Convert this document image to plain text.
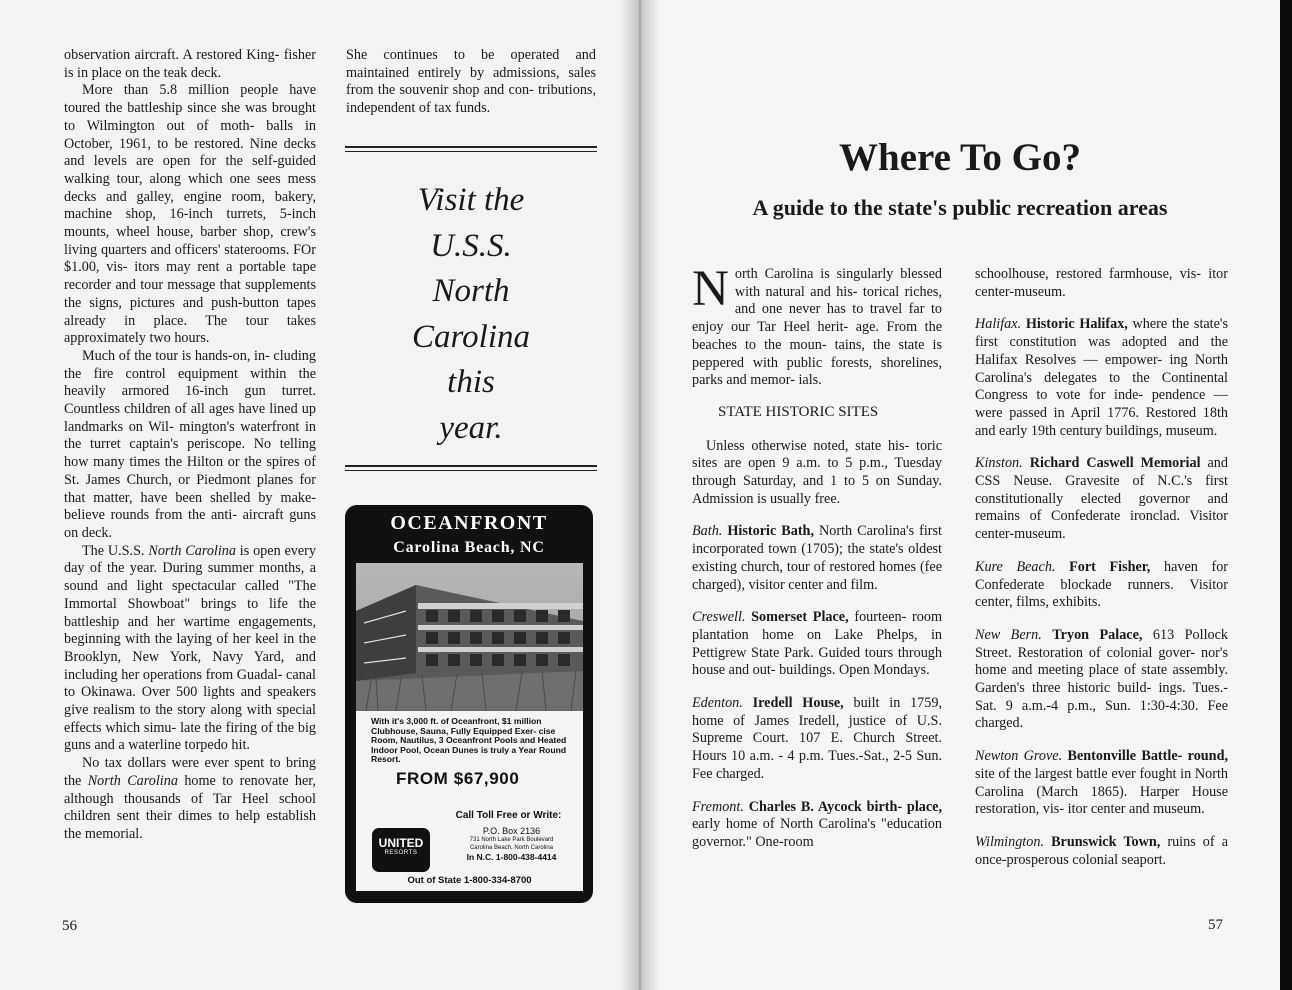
observation aircraft. A restored King- fisher is in place on the teak deck.

More than 5.8 million people have toured the battleship since she was brought to Wilmington out of moth- balls in October, 1961, to be restored. Nine decks and levels are open for the self-guided walking tour, along which one sees mess decks and galley, engine room, bakery, machine shop, 16-inch turrets, 5-inch mounts, wheel house, barber shop, crew's living quarters and officers' staterooms. FOr $1.00, vis- itors may rent a portable tape recorder and tour message that supplements the signs, pictures and push-button tapes already in place. The tour takes approximately two hours.

Much of the tour is hands-on, in- cluding the fire control equipment within the heavily armored 16-inch gun turret. Countless children of all ages have lined up landmarks on Wil- mington's waterfront in the turret captain's periscope. No telling how many times the Hilton or the spires of St. James Church, or Piedmont planes for that matter, have been shelled by make-believe rounds from the anti- aircraft guns on deck.

The U.S.S. North Carolina is open every day of the year. During summer months, a sound and light spectacular called "The Immortal Showboat" brings to life the battleship and her wartime engagements, beginning with the laying of her keel in the Brooklyn, New York, Navy Yard, and including her operations from Guadal- canal to Okinawa. Over 500 lights and speakers give realism to the story along with special effects which simu- late the firing of the big guns and a waterline torpedo hit.

No tax dollars were ever spent to bring the North Carolina home to renovate her, although thousands of Tar Heel school children sent their dimes to help establish the memorial.

She continues to be operated and maintained entirely by admissions, sales from the souvenir shop and con- tributions, independent of tax funds.

Visit the
U.S.S.
North
Carolina
this
year.
OCEANFRONT
Carolina Beach, NC
With it's 3,000 ft. of Oceanfront, $1 million Clubhouse, Sauna, Fully Equipped Exer- cise Room, Nautilus, 3 Oceanfront Pools and Heated Indoor Pool, Ocean Dunes is truly a Year Round Resort.
FROM $67,900
Call Toll Free or Write:
P.O. Box 2136
731 North Lake Park Boulevard
Carolina Beach, North Carolina
In N.C. 1-800-438-4414
UNITED
RESORTS
Out of State 1-800-334-8700
56
Where To Go?
A guide to the state's public recreation areas

North Carolina is singularly blessed with natural and his- torical riches, and one never has to travel far to enjoy our Tar Heel herit- age. From the beaches to the moun- tains, the state is peppered with public forests, shorelines, parks and memor- ials.

STATE HISTORIC SITES

Unless otherwise noted, state his- toric sites are open 9 a.m. to 5 p.m., Tuesday through Saturday, and 1 to 5 on Sunday. Admission is usually free.

Bath. Historic Bath, North Carolina's first incorporated town (1705); the state's oldest existing church, tour of restored homes (fee charged), visitor center and film.

Creswell. Somerset Place, fourteen- room plantation home on Lake Phelps, in Pettigrew State Park. Guided tours through house and out- buildings. Open Mondays.

Edenton. Iredell House, built in 1759, home of James Iredell, justice of U.S. Supreme Court. 107 E. Church Street. Hours 10 a.m. - 4 p.m. Tues.-Sat., 2-5 Sun. Fee charged.

Fremont. Charles B. Aycock birth- place, early home of North Carolina's "education governor." One-room

schoolhouse, restored farmhouse, vis- itor center-museum.

Halifax. Historic Halifax, where the state's first constitution was adopted and the Halifax Resolves — empower- ing North Carolina's delegates to the Continental Congress to vote for inde- pendence — were passed in April 1776. Restored 18th and early 19th century buildings, museum.

Kinston. Richard Caswell Memorial and CSS Neuse. Gravesite of N.C.'s first constitutionally elected governor and remains of Confederate ironclad. Visitor center-museum.

Kure Beach. Fort Fisher, haven for Confederate blockade runners. Visitor center, films, exhibits.

New Bern. Tryon Palace, 613 Pollock Street. Restoration of colonial gover- nor's home and meeting place of state assembly. Garden's three historic build- ings. Tues.-Sat. 9 a.m.-4 p.m., Sun. 1:30-4:30. Fee charged.

Newton Grove. Bentonville Battle- round, site of the largest battle ever fought in North Carolina (March 1865). Harper House restoration, vis- itor center and museum.

Wilmington. Brunswick Town, ruins of a once-prosperous colonial seaport.

57
